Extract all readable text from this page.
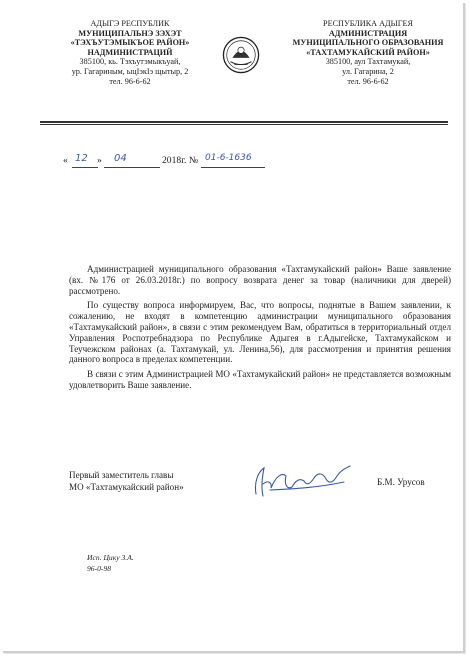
АДЫГЭ РЕСПУБЛИК
МУНИЦИПАЛЬНЭ ЗЭХЭТ
«ТЭХЪУТЭМЫКЪОЕ РАЙОН»
НАДМИНИСТРАЦИЙ
385100, кь. Тэхъутэмыкъуай,
ур. Гагариным, ыцӀэкӀэ щытыр, 2
тел. 96-6-62
РЕСПУБЛИКА АДЫГЕЯ
АДМИНИСТРАЦИЯ
МУНИЦИПАЛЬНОГО ОБРАЗОВАНИЯ
«ТАХТАМУКАЙСКИЙ РАЙОН»
385100, аул Тахтамукай,
ул. Гагарина, 2
тел. 96-6-62
« 12 » 04	2018г. № 01-6-1636

Администрацией муниципального образования «Тахтамукайский район» Ваше заявление (вх. №176 от 26.03.2018г.) по вопросу возврата денег за товар (наличники для дверей) рассмотрено.

По существу вопроса информируем, Вас, что вопросы, поднятые в Вашем заявлении, к сожалению, не входят в компетенцию администрации муниципального образования «Тахтамукайский район», в связи с этим рекомендуем Вам, обратиться в территориальный отдел Управления Роспотребнадзора по Республике Адыгея в г.Адыгейске, Тахтамукайском и Теучежском районах (а. Тахтамукай, ул. Ленина,56), для рассмотрения и принятия решения данного вопроса в пределах компетенции.

В связи с этим Администрацией МО «Тахтамукайский район» не представляется возможным удовлетворить Ваше заявление.

Первый заместитель главы
МО «Тахтамукайский район»	Б.М. Урусов
Исп. Цику З.А.
96-0-98
